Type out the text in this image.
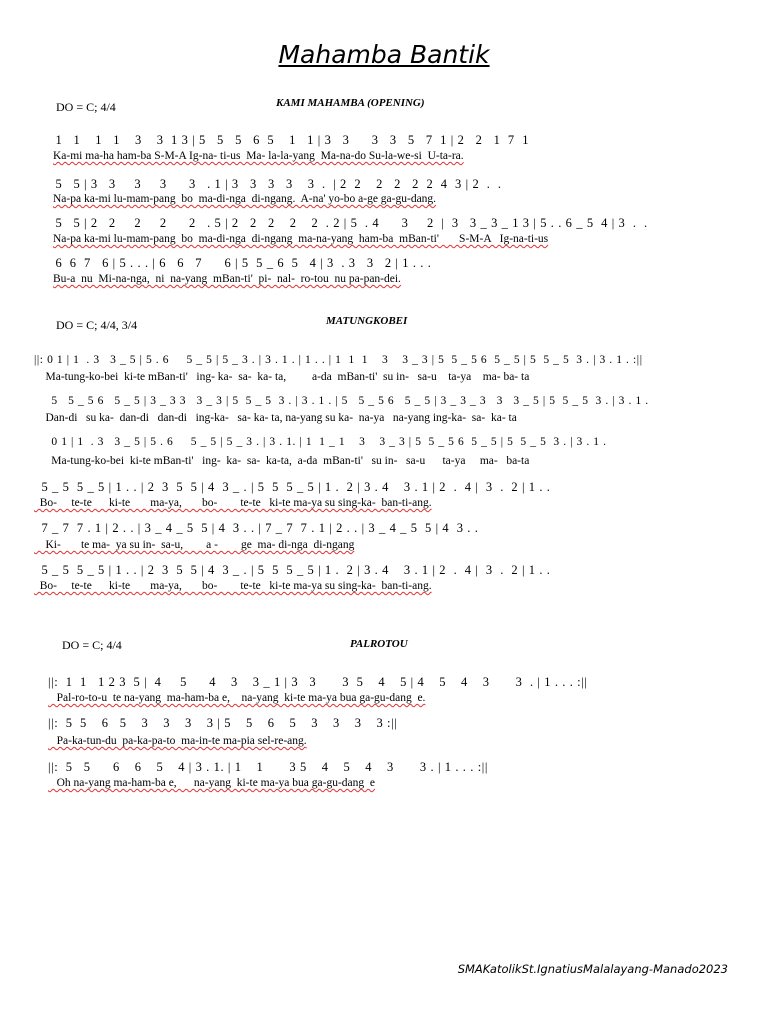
Mahamba Bantik
DO = C; 4/4	KAMI MAHAMBA (OPENING)
1   1    1   1    3    3  1 3 | 5   5   5   6  5    1   1 | 3   3      3   3   5   7  1 | 2   2   1  7  1
Ka-mi ma-ha ham-ba S-M-A Ig-na- ti-us  Ma- la-la-yang  Ma-na-do Su-la-we-si  U-ta-ra.
5   5 | 3   3     3     3      3   . 1 | 3   3   3   3    3  .  | 2  2    2   2   2  2  4  3 | 2  .  .
Na-pa ka-mi lu-mam-pang  bo  ma-di-nga  di-ngang.  A-na' yo-bo a-ge ga-gu-dang.
5   5 | 2   2     2     2      2   . 5 | 2   2   2    2    2  . 2 | 5  . 4      3     2  |  3   3 _ 3 _ 1 3 | 5 . . 6 _ 5  4 | 3  .  .
Na-pa ka-mi lu-mam-pang  bo  ma-di-nga  di-ngang  ma-na-yang  ham-ba  mBan-ti'       S-M-A   Ig-na-ti-us
6  6  7   6 | 5 . . . | 6   6   7      6 | 5  5 _ 6  5   4 | 3  . 3   3   2 | 1 . . .
Bu-a  nu  Mi-na-nga,  ni  na-yang  mBan-ti'  pi-  nal-  ro-tou  nu pa-pan-dei.
DO = C; 4/4, 3/4	MATUNGKOBEI
||: 0 1 | 1  . 3   3 _ 5 | 5 . 6     5 _ 5 | 5 _ 3 . | 3 . 1 . | 1 . . | 1  1  1    3    3 _ 3 | 5  5 _ 5 6  5 _ 5 | 5  5 _ 5  3 . | 3 . 1 . :||
Ma-tung-ko-bei  ki-te mBan-ti'   ing- ka-  sa-  ka- ta,         a-da  mBan-ti'  su in-   sa-u    ta-ya    ma- ba- ta
5   5 _ 5 6   5 _ 5 | 3 _ 3 3   3 _ 3 | 5  5 _ 5  3 . | 3 . 1 . | 5   5 _ 5 6   5 _ 5 | 3 _ 3 _ 3   3   3 _ 5 | 5  5 _ 5  3 . | 3 . 1 .
Dan-di   su ka-  dan-di   dan-di   ing-ka-   sa- ka- ta, na-yang su ka-  na-ya   na-yang ing-ka-  sa-  ka- ta
0 1 | 1  . 3   3 _ 5 | 5 . 6     5 _ 5 | 5 _ 3 . | 3 . 1. | 1  1 _ 1    3    3 _ 3 | 5  5 _ 5 6  5 _ 5 | 5  5 _ 5  3 . | 3 . 1 .
Ma-tung-ko-bei  ki-te mBan-ti'   ing-  ka-  sa-  ka-ta,  a-da  mBan-ti'   su in-   sa-u      ta-ya     ma-   ba-ta
5 _ 5  5 _ 5 | 1 . . | 2  3  5  5 | 4  3 _ . | 5  5  5 _ 5 | 1 .  2 | 3 . 4    3 . 1 | 2  .  4 |  3  .  2 | 1 . .
Bo-     te-te      ki-te       ma-ya,       bo-        te-te   ki-te ma-ya su sing-ka-  ban-ti-ang.
7 _ 7  7 . 1 | 2 . . | 3 _ 4 _ 5  5 | 4  3 . . | 7 _ 7  7 . 1 | 2 . . | 3 _ 4 _ 5  5 | 4  3 . .
Ki-       te ma-  ya su in-  sa-u,        a -        ge  ma- di-nga  di-ngang
5 _ 5  5 _ 5 | 1 . . | 2  3  5  5 | 4  3 _ . | 5  5  5 _ 5 | 1 .  2 | 3 . 4    3 . 1 | 2  .  4 |  3  .  2 | 1 . .
Bo-     te-te      ki-te       ma-ya,       bo-        te-te   ki-te ma-ya su sing-ka-  ban-ti-ang.
DO = C; 4/4	PALROTOU
||:  1  1   1 2 3  5 |  4     5      4    3    3 _ 1 | 3   3       3  5    4    5 | 4    5    4    3       3  . | 1 . . . :||
Pal-ro-to-u  te na-yang  ma-ham-ba e,    na-yang  ki-te ma-ya bua ga-gu-dang  e.
||:  5  5    6   5    3    3    3    3 | 5    5    6    5    3    3    3    3 :||
Pa-ka-tun-du  pa-ka-pa-to  ma-in-te ma-pia sel-re-ang.
||:  5   5      6    6    5    4 | 3 . 1. | 1    1       3 5    4    5    4    3       3 . | 1 . . . :||
Oh na-yang ma-ham-ba e,      na-yang  ki-te ma-ya bua ga-gu-dang  e
SMAKatolikSt.IgnatiusMalalayang-Manado2023
